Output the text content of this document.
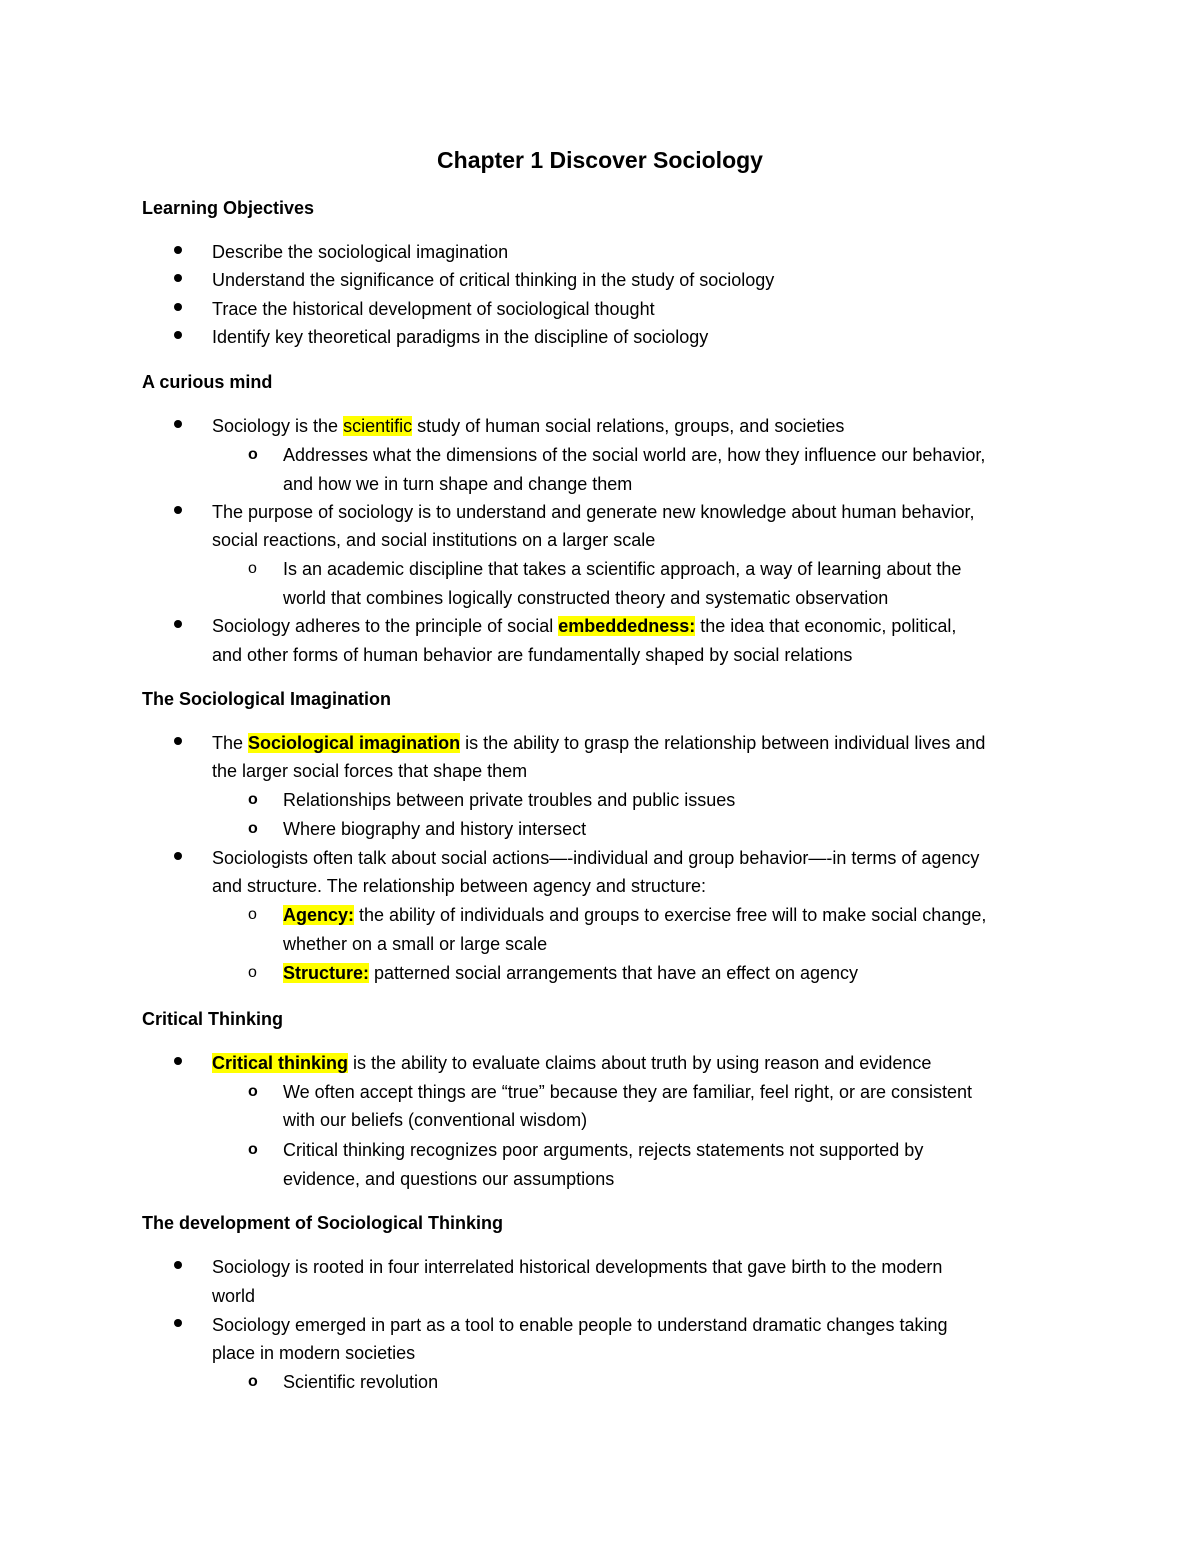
Chapter 1 Discover Sociology
Learning Objectives
Describe the sociological imagination
Understand the significance of critical thinking in the study of sociology
Trace the historical development of sociological thought
Identify key theoretical paradigms in the discipline of sociology
A curious mind
Sociology is the scientific study of human social relations, groups, and societies
o Addresses what the dimensions of the social world are, how they influence our behavior,
and how we in turn shape and change them
The purpose of sociology is to understand and generate new knowledge about human behavior,
social reactions, and social institutions on a larger scale
o Is an academic discipline that takes a scientific approach, a way of learning about the
world that combines logically constructed theory and systematic observation
Sociology adheres to the principle of social embeddedness: the idea that economic, political,
and other forms of human behavior are fundamentally shaped by social relations
The Sociological Imagination
The Sociological imagination is the ability to grasp the relationship between individual lives and
the larger social forces that shape them
o Relationships between private troubles and public issues
o Where biography and history intersect
Sociologists often talk about social actions—-individual and group behavior—-in terms of agency
and structure. The relationship between agency and structure:
o Agency: the ability of individuals and groups to exercise free will to make social change,
whether on a small or large scale
o Structure: patterned social arrangements that have an effect on agency
Critical Thinking
Critical thinking is the ability to evaluate claims about truth by using reason and evidence
o We often accept things are “true” because they are familiar, feel right, or are consistent
with our beliefs (conventional wisdom)
o Critical thinking recognizes poor arguments, rejects statements not supported by
evidence, and questions our assumptions
The development of Sociological Thinking
Sociology is rooted in four interrelated historical developments that gave birth to the modern
world
Sociology emerged in part as a tool to enable people to understand dramatic changes taking
place in modern societies
o Scientific revolution
